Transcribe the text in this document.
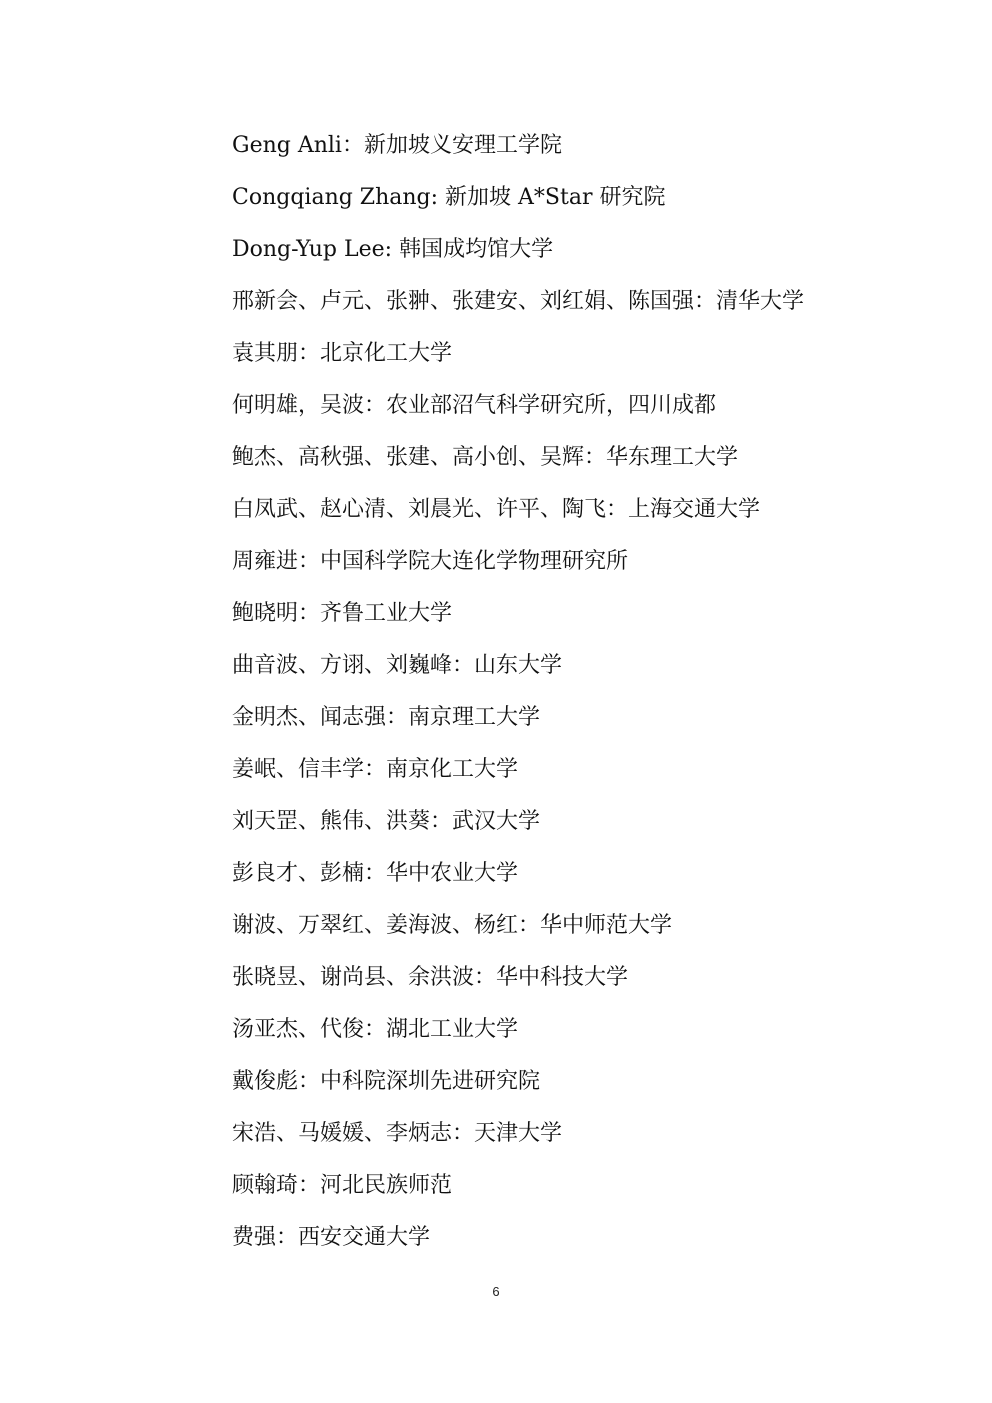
Geng Anli：新加坡义安理工学院
Congqiang Zhang: 新加坡 A*Star 研究院
Dong-Yup Lee: 韩国成均馆大学
邢新会、卢元、张翀、张建安、刘红娟、陈国强：清华大学
袁其朋：北京化工大学
何明雄，吴波：农业部沼气科学研究所，四川成都
鲍杰、高秋强、张建、高小创、吴辉：华东理工大学
白凤武、赵心清、刘晨光、许平、陶飞：上海交通大学
周雍进：中国科学院大连化学物理研究所
鲍晓明：齐鲁工业大学
曲音波、方诩、刘巍峰：山东大学
金明杰、闻志强：南京理工大学
姜岷、信丰学：南京化工大学
刘天罡、熊伟、洪葵：武汉大学
彭良才、彭楠：华中农业大学
谢波、万翠红、姜海波、杨红：华中师范大学
张晓昱、谢尚县、余洪波：华中科技大学
汤亚杰、代俊：湖北工业大学
戴俊彪：中科院深圳先进研究院
宋浩、马媛媛、李炳志：天津大学
顾翰琦：河北民族师范
费强：西安交通大学
6
